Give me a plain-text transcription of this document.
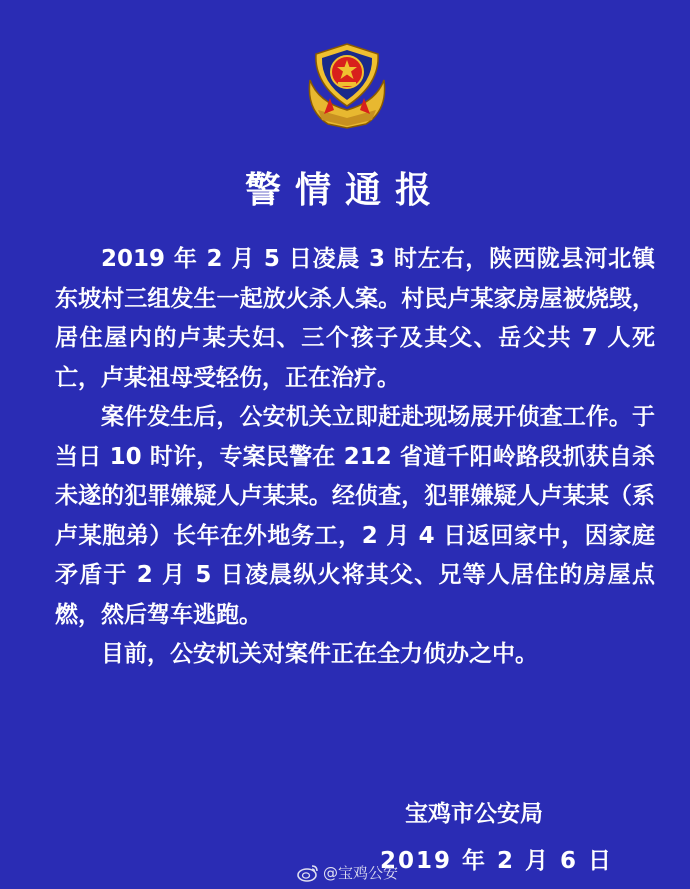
警情通报

2019 年 2 月 5 日凌晨 3 时左右，陕西陇县河北镇东坡村三组发生一起放火杀人案。村民卢某家房屋被烧毁，居住屋内的卢某夫妇、三个孩子及其父、岳父共 7 人死亡，卢某祖母受轻伤，正在治疗。

案件发生后，公安机关立即赶赴现场展开侦查工作。于当日 10 时许，专案民警在 212 省道千阳岭路段抓获自杀未遂的犯罪嫌疑人卢某某。经侦查，犯罪嫌疑人卢某某（系卢某胞弟）长年在外地务工，2 月 4 日返回家中，因家庭矛盾于 2 月 5 日凌晨纵火将其父、兄等人居住的房屋点燃，然后驾车逃跑。

目前，公安机关对案件正在全力侦办之中。

宝鸡市公安局
2019 年 2 月 6 日
@宝鸡公安
